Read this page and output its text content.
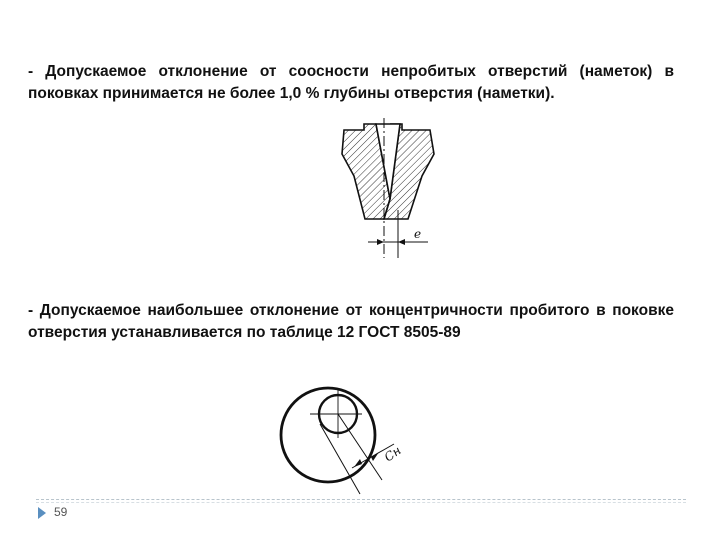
- Допускаемое отклонение от соосности непробитых отверстий (наметок) в поковках принимается не более 1,0 % глубины отверстия (наметки).
e
- Допускаемое наибольшее отклонение от концентричности пробитого в поковке отверстия устанавливается по таблице 12 ГОСТ 8505-89
Cн
59
